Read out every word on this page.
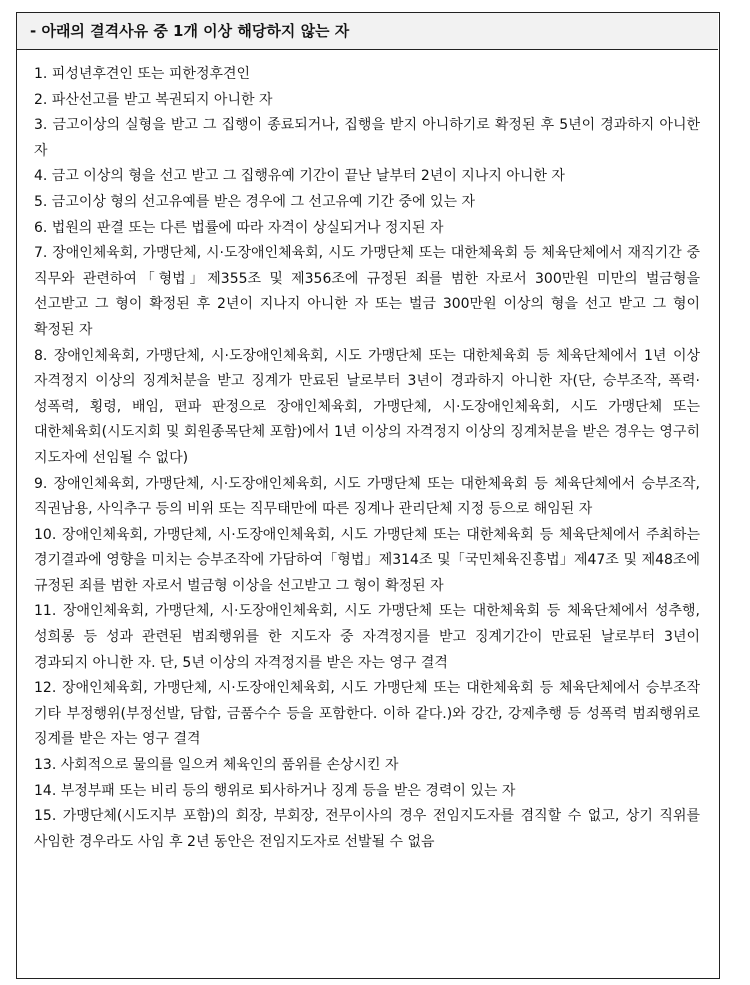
- 아래의 결격사유 중 1개 이상 해당하지 않는 자
1. 피성년후견인 또는 피한정후견인
2. 파산선고를 받고 복권되지 아니한 자
3. 금고이상의 실형을 받고 그 집행이 종료되거나, 집행을 받지 아니하기로 확정된 후 5년이 경과하지 아니한 자
4. 금고 이상의 형을 선고 받고 그 집행유예 기간이 끝난 날부터 2년이 지나지 아니한 자
5. 금고이상 형의 선고유예를 받은 경우에 그 선고유예 기간 중에 있는 자
6. 법원의 판결 또는 다른 법률에 따라 자격이 상실되거나 정지된 자
7. 장애인체육회, 가맹단체, 시·도장애인체육회, 시도 가맹단체 또는 대한체육회 등 체육단체에서 재직기간 중 직무와 관련하여「형법」제355조 및 제356조에 규정된 죄를 범한 자로서 300만원 미만의 벌금형을 선고받고 그 형이 확정된 후 2년이 지나지 아니한 자 또는 벌금 300만원 이상의 형을 선고 받고 그 형이 확정된 자
8. 장애인체육회, 가맹단체, 시·도장애인체육회, 시도 가맹단체 또는 대한체육회 등 체육단체에서 1년 이상 자격정지 이상의 징계처분을 받고 징계가 만료된 날로부터 3년이 경과하지 아니한 자(단, 승부조작, 폭력·성폭력, 횡령, 배임, 편파 판정으로 장애인체육회, 가맹단체, 시·도장애인체육회, 시도 가맹단체 또는 대한체육회(시도지회 및 회원종목단체 포함)에서 1년 이상의 자격정지 이상의 징계처분을 받은 경우는 영구히 지도자에 선임될 수 없다)
9. 장애인체육회, 가맹단체, 시·도장애인체육회, 시도 가맹단체 또는 대한체육회 등 체육단체에서 승부조작, 직권남용, 사익추구 등의 비위 또는 직무태만에 따른 징계나 관리단체 지정 등으로 해임된 자
10. 장애인체육회, 가맹단체, 시·도장애인체육회, 시도 가맹단체 또는 대한체육회 등 체육단체에서 주최하는 경기결과에 영향을 미치는 승부조작에 가담하여「형법」제314조 및「국민체육진흥법」제47조 및 제48조에 규정된 죄를 범한 자로서 벌금형 이상을 선고받고 그 형이 확정된 자
11. 장애인체육회, 가맹단체, 시·도장애인체육회, 시도 가맹단체 또는 대한체육회 등 체육단체에서 성추행, 성희롱 등 성과 관련된 범죄행위를 한 지도자 중 자격정지를 받고 징계기간이 만료된 날로부터 3년이 경과되지 아니한 자. 단, 5년 이상의 자격정지를 받은 자는 영구 결격
12. 장애인체육회, 가맹단체, 시·도장애인체육회, 시도 가맹단체 또는 대한체육회 등 체육단체에서 승부조작 기타 부정행위(부정선발, 담합, 금품수수 등을 포함한다. 이하 같다.)와 강간, 강제추행 등 성폭력 범죄행위로 징계를 받은 자는 영구 결격
13. 사회적으로 물의를 일으켜 체육인의 품위를 손상시킨 자
14. 부정부패 또는 비리 등의 행위로 퇴사하거나 징계 등을 받은 경력이 있는 자
15. 가맹단체(시도지부 포함)의 회장, 부회장, 전무이사의 경우 전임지도자를 겸직할 수 없고, 상기 직위를 사임한 경우라도 사임 후 2년 동안은 전임지도자로 선발될 수 없음
